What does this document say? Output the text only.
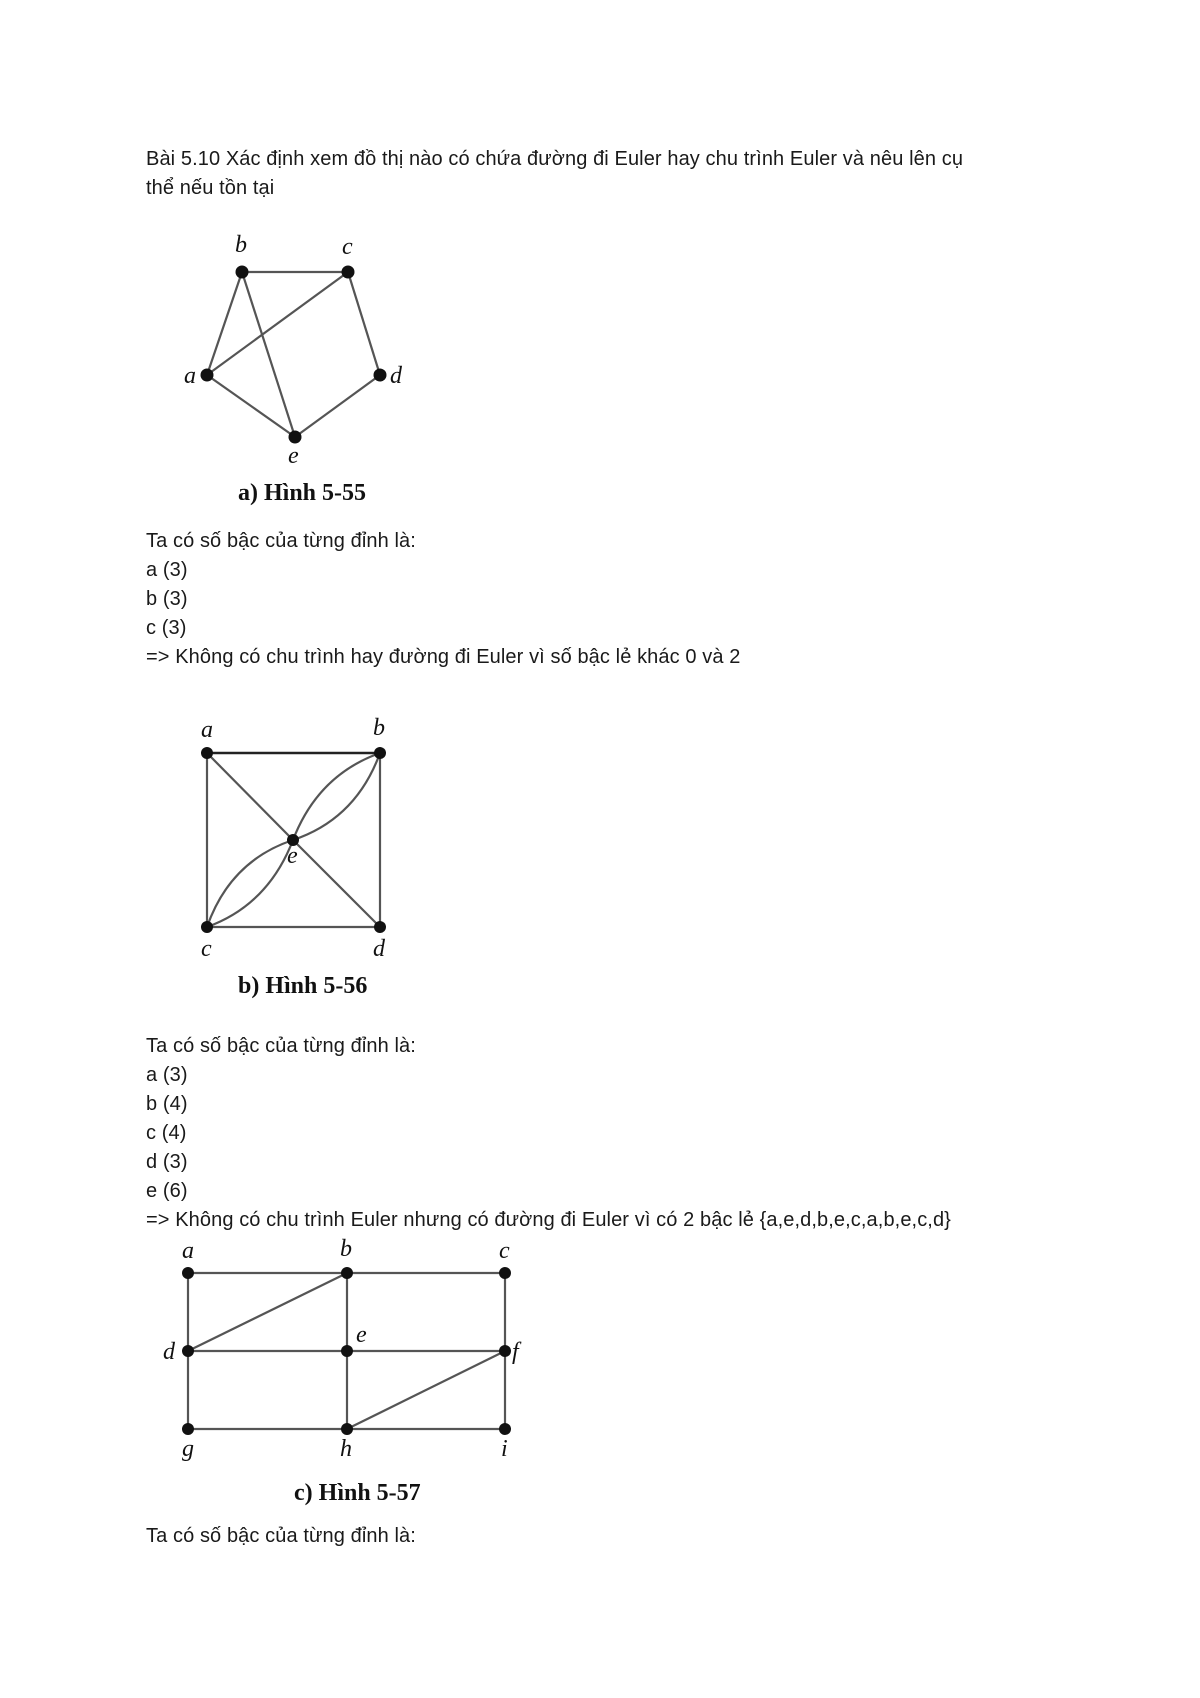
Bài 5.10 Xác định xem đồ thị nào có chứa đường đi Euler hay chu trình Euler và nêu lên cụ
thể nếu tồn tại
a
b	c
d
e
a) Hình 5-55
Ta có số bậc của từng đỉnh là:
a (3)
b (3)
c (3)
=> Không có chu trình hay đường đi Euler vì số bậc lẻ khác 0 và 2
a	b
c	d
e
b) Hình 5-56
Ta có số bậc của từng đỉnh là:
a (3)
b (4)
c (4)
d (3)
e (6)
=> Không có chu trình Euler nhưng có đường đi Euler vì có 2 bậc lẻ {a,e,d,b,e,c,a,b,e,c,d}
a	b	c
d
e
f
g	h	i
c) Hình 5-57
Ta có số bậc của từng đỉnh là:
